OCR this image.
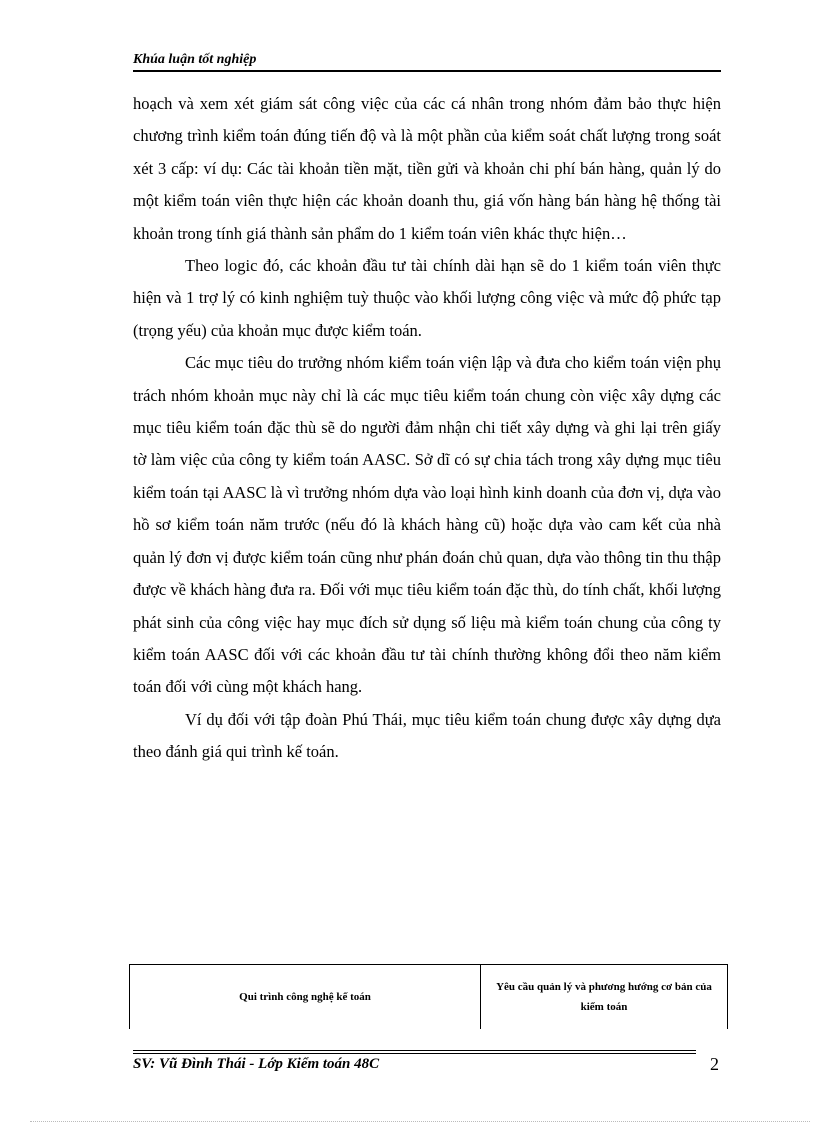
Khúa luận tốt nghiệp

hoạch và xem xét giám sát công việc của các cá nhân trong nhóm đảm bảo thực hiện chương trình kiểm toán đúng tiến độ và là một phần của kiểm soát chất lượng trong soát xét 3 cấp: ví dụ: Các tài khoản tiền mặt, tiền gửi và khoản chi phí bán hàng, quản lý do một kiểm toán viên thực hiện các khoản doanh thu, giá vốn hàng bán hàng hệ thống tài khoản trong tính giá thành sản phẩm do 1 kiểm toán viên khác thực hiện…

Theo logic đó, các khoản đầu tư tài chính dài hạn sẽ do 1 kiểm toán viên thực hiện và 1 trợ lý có kinh nghiệm tuỳ thuộc vào khối lượng công việc và mức độ phức tạp (trọng yếu) của khoản mục được kiểm toán.

Các mục tiêu do trưởng nhóm kiểm toán viện lập và đưa cho kiểm toán viện phụ trách nhóm khoản mục này chỉ là các mục tiêu kiểm toán chung còn việc xây dựng các mục tiêu kiểm toán đặc thù sẽ do người đảm nhận chi tiết xây dựng và ghi lại trên giấy tờ làm việc của công ty kiểm toán AASC. Sở dĩ có sự chia tách trong xây dựng mục tiêu kiểm toán tại AASC là vì trưởng nhóm dựa vào loại hình kinh doanh của đơn vị, dựa vào hồ sơ kiểm toán năm trước (nếu đó là khách hàng cũ) hoặc dựa vào cam kết của nhà quản lý đơn vị được kiểm toán cũng như phán đoán chủ quan, dựa vào thông tin thu thập được về khách hàng đưa ra. Đối với mục tiêu kiểm toán đặc thù, do tính chất, khối lượng phát sinh của công việc hay mục đích sử dụng số liệu mà kiểm toán chung của công ty kiểm toán AASC đối với các khoản đầu tư tài chính thường không đổi theo năm kiểm toán đối với cùng một khách hang.

Ví dụ đối với tập đoàn Phú Thái, mục tiêu kiểm toán chung được xây dựng dựa theo đánh giá qui trình kế toán.

Qui trình công nghệ kế toán
Yêu cầu quản lý và phương hướng cơ bản của kiểm toán
SV: Vũ Đình Thái - Lớp Kiểm toán 48C	2
